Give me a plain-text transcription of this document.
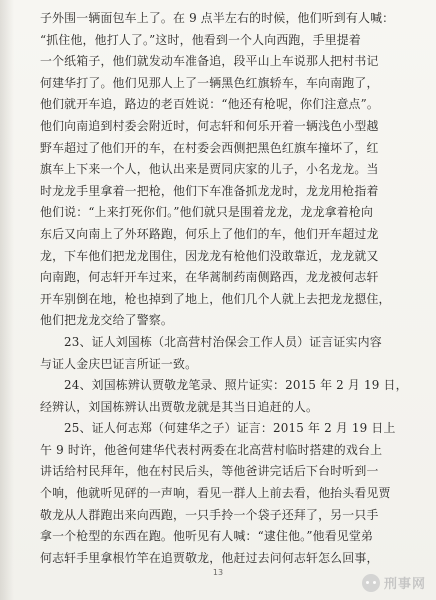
子外围一辆面包车上了。在 9 点半左右的时候，他们听到有人喊：
“抓住他，他打人了。”这时，他看到一个人向西跑，手里提着
一个纸箱子，他们就发动车准备追，段平山上车说那人把村书记
何建华打了。他们见那人上了一辆黑色红旗轿车，车向南跑了，
他们就开车追，路边的老百姓说：“他还有枪呢，你们注意点”。
他们向南追到村委会附近时，何志轩和何乐开着一辆浅色小型越
野车超过了他们开的车，在村委会西侧把黑色红旗车撞坏了，红
旗车上下来一个人，他认出来是贾同庆家的儿子，小名龙龙。当
时龙龙手里拿着一把枪，他们下车准备抓龙龙时，龙龙用枪指着
他们说：“上来打死你们。”他们就只是围着龙龙，龙龙拿着枪向
东后又向南上了外环路跑，何乐上了他们的车，他们开车超过龙
龙，下车他们把龙龙围住，因龙龙有枪他们没敢靠近，龙龙就又
向南跑，何志轩开车过来，在华蒿制药南侧路西，龙龙被何志轩
开车别倒在地，枪也掉到了地上，他们几个人就上去把龙龙摁住，
他们把龙龙交给了警察。
23、证人刘国栋（北高营村治保会工作人员）证言证实内容
与证人金庆巴证言所证一致。
24、刘国栋辨认贾敬龙笔录、照片证实：2015 年 2 月 19 日，
经辨认，刘国栋辨认出贾敬龙就是其当日追赶的人。
25、证人何志郑（何建华之子）证言：2015 年 2 月 19 日上
午 9 时许，他爸何建华代表村两委在北高营村临时搭建的戏台上
讲话给村民拜年，他在村民后头，等他爸讲完话后下台时听到一
个响，他就听见砰的一声响，看见一群人上前去看，他抬头看见贾
敬龙从人群跑出来向西跑，一只手拎一个袋子还拜了，另一只手
拿一个枪型的东西在跑。他听见有人喊：“逮住他。”他看见堂弟
何志轩手里拿根竹竿在追贾敬龙，他赶过去问何志轩怎么回事，
13
刑事网
